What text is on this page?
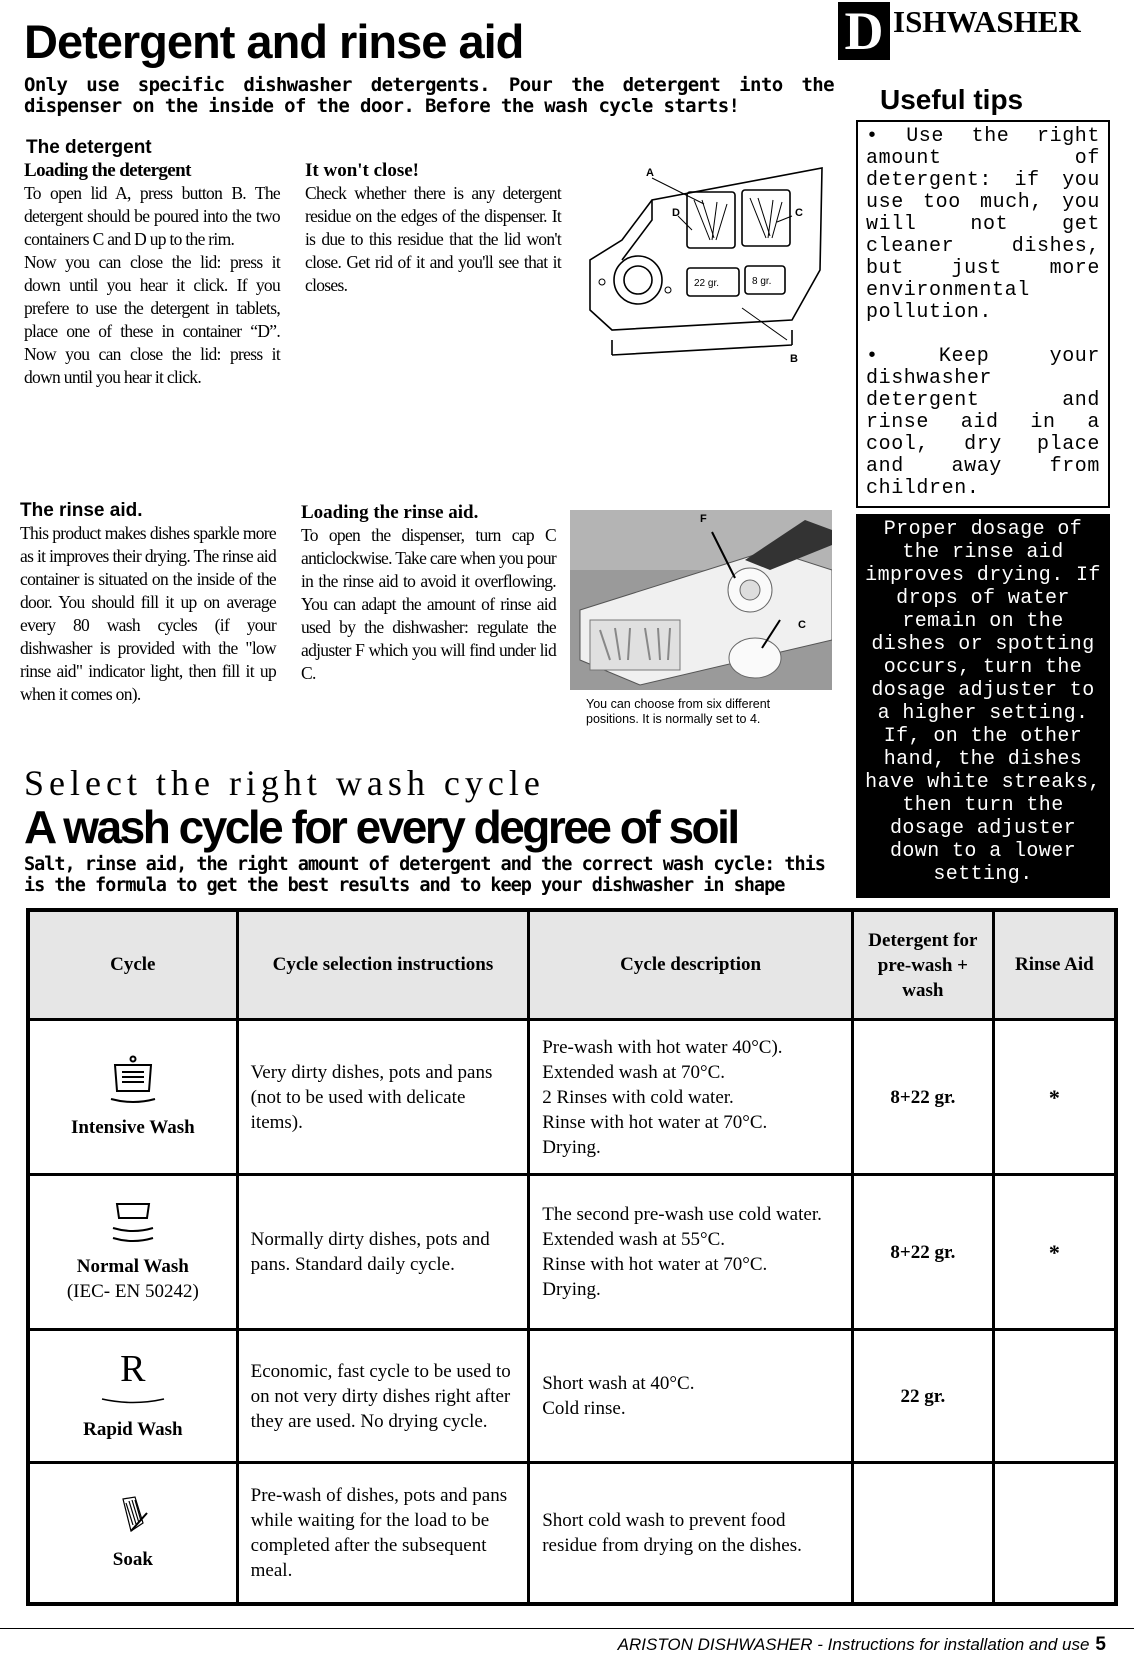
Detergent and rinse aid	D ISHWASHER
Only use specific dishwasher detergents. Pour the detergent into the dispenser on the inside of the door. Before the wash cycle starts!
The detergent
Loading the detergent
To open lid A, press button B. The detergent should be poured into the two containers C and D up to the rim.
Now you can close the lid: press it down until you hear it click. If you prefere to use the detergent in tablets, place one of these in container “D”. Now you can close the lid: press it down until you hear it click.
It won't close!
Check whether there is any detergent residue on the edges of the dispenser. It is due to this residue that the lid won't close. Get rid of it and you'll see that it closes.
A
D	C
B
22 gr.	8 gr.
The rinse aid.
This product makes dishes sparkle more as it improves their drying. The rinse aid container is situated on the inside of the door. You should fill it up on average every 80 wash cycles (if your dishwasher is provided with the "low rinse aid" indicator light, then fill it up when it comes on).
Loading the rinse aid.
To open the dispenser, turn cap C anticlockwise. Take care when you pour in the rinse aid to avoid it overflowing. You can adapt the amount of rinse aid used by the dishwasher: regulate the adjuster F which you will find under lid C.
F
C
You can choose from six different positions. It is normally set to 4.
Useful tips

• Use the right amount of detergent: if you use too much, you will not get cleaner dishes, but just more environmental pollution.

• Keep your dishwasher detergent and rinse aid in a cool, dry place and away from children.

Proper dosage of the rinse aid improves drying. If drops of water remain on the dishes or spotting occurs, turn the dosage adjuster to a higher setting. If, on the other hand, the dishes have white streaks, then turn the dosage adjuster down to a lower setting.
Select the right wash cycle
A wash cycle for every degree of soil
Salt, rinse aid, the right amount of detergent and the correct wash cycle: this is the formula to get the best results and to keep your dishwasher in shape
Cycle	Cycle selection instructions	Cycle description	Detergent for pre-wash + wash	Rinse Aid

Intensive Wash	Very dirty dishes, pots and pans (not to be used with delicate items).	Pre-wash with hot water 40°C).
Extended wash at 70°C.
2 Rinses with cold water.
Rinse with hot water at 70°C.
Drying.	8+22 gr.	*

Normal Wash
(IEC- EN 50242)	Normally dirty dishes, pots and pans. Standard daily cycle.	The second pre-wash use cold water.
Extended wash at 55°C.
Rinse with hot water at 70°C.
Drying.	8+22 gr.	*

R
Rapid Wash	Economic, fast cycle to be used to on not very dirty dishes right after they are used. No drying cycle.	Short wash at 40°C.
Cold rinse.	22 gr.	

Soak	Pre-wash of dishes, pots and pans while waiting for the load to be completed after the subsequent meal.	Short cold wash to prevent food residue from drying on the dishes.		
ARISTON DISHWASHER - Instructions for installation and use 5
